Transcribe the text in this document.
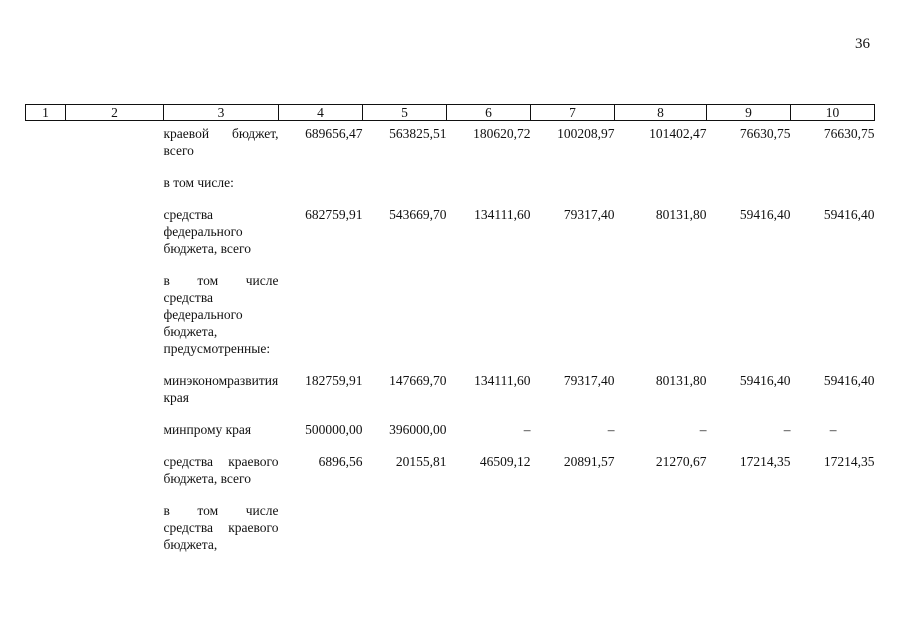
36
1	2	3	4	5	6	7	8	9	10
		краевой бюджет, всего	689656,47	563825,51	180620,72	100208,97	101402,47	76630,75	76630,75
		в том числе:							
		средства федерального бюджета, всего	682759,91	543669,70	134111,60	79317,40	80131,80	59416,40	59416,40
		в том числе средства федерального бюджета, предусмотренные:							
		минэкономразвития края	182759,91	147669,70	134111,60	79317,40	80131,80	59416,40	59416,40
		минпрому края	500000,00	396000,00	–	–	–	–	–
		средства краевого бюджета, всего	6896,56	20155,81	46509,12	20891,57	21270,67	17214,35	17214,35
		в том числе средства краевого бюджета,							
